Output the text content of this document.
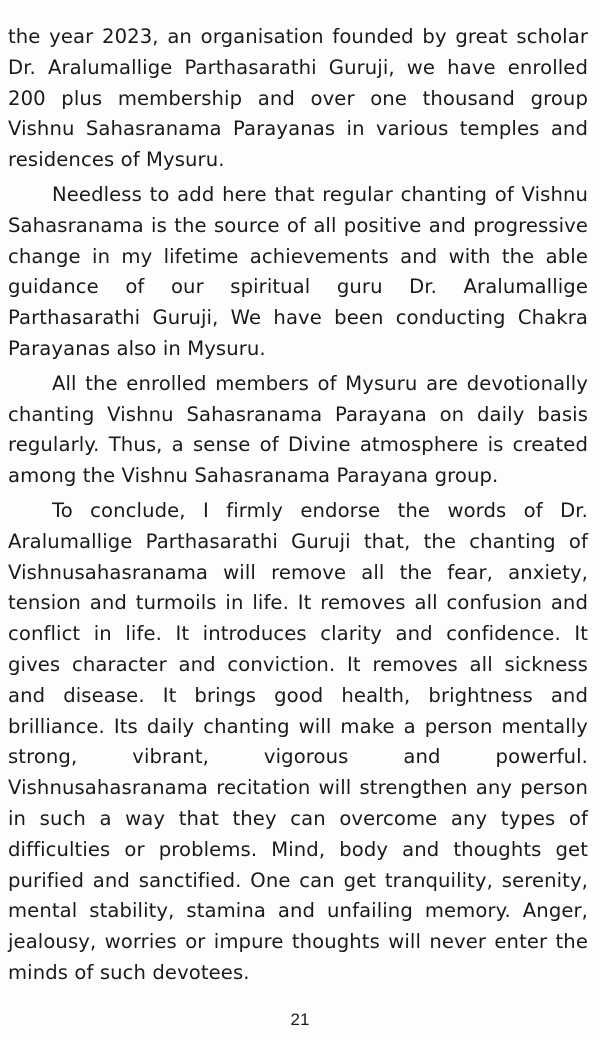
the year 2023, an organisation founded by great scholar Dr. Aralumallige Parthasarathi Guruji, we have enrolled 200 plus membership and over one thousand group Vishnu Sahasranama Parayanas in various temples and residences of Mysuru.

Needless to add here that regular chanting of Vishnu Sahasranama is the source of all positive and progressive change in my lifetime achievements and with the able guidance of our spiritual guru Dr. Aralumallige Parthasarathi Guruji, We have been conducting Chakra Parayanas also in Mysuru.

All the enrolled members of Mysuru are devotionally chanting Vishnu Sahasranama Parayana on daily basis regularly. Thus, a sense of Divine atmosphere is created among the Vishnu Sahasranama Parayana group.

To conclude, I firmly endorse the words of Dr. Aralumallige Parthasarathi Guruji that, the chanting of Vishnusahasranama will remove all the fear, anxiety, tension and turmoils in life. It removes all confusion and conflict in life. It introduces clarity and confidence. It gives character and conviction. It removes all sickness and disease. It brings good health, brightness and brilliance. Its daily chanting will make a person mentally strong, vibrant, vigorous and powerful. Vishnusahasranama recitation will strengthen any person in such a way that they can overcome any types of difficulties or problems. Mind, body and thoughts get purified and sanctified. One can get tranquility, serenity, mental stability, stamina and unfailing memory. Anger, jealousy, worries or impure thoughts will never enter the minds of such devotees.

21
